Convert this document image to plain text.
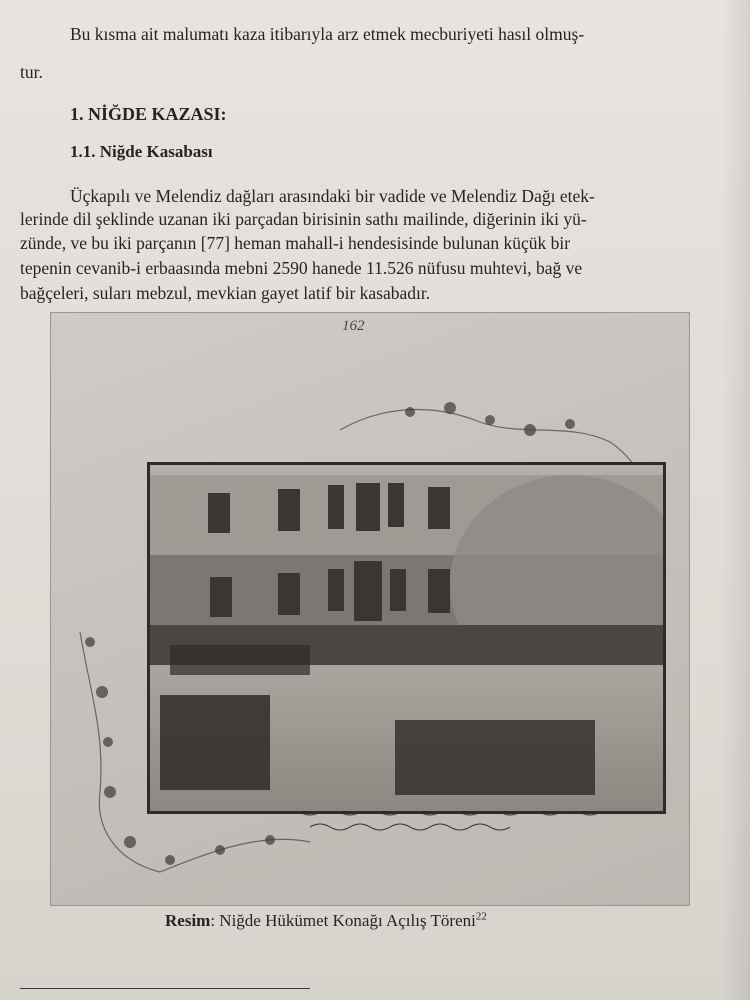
Bu kısma ait malumatı kaza itibarıyla arz etmek mecburiyeti hasıl olmuş-
tur.
1. NİĞDE KAZASI:
1.1. Niğde Kasabası
Üçkapılı ve Melendiz dağları arasındaki bir vadide ve Melendiz Dağı etek-
lerinde dil şeklinde uzanan iki parçadan birisinin sathı mailinde, diğerinin iki yü-
zünde, ve bu iki parçanın [77] heman mahall-i hendesisinde bulunan küçük bir
tepenin cevanib-i erbaasında mebni 2590 hanede 11.526 nüfusu muhtevi, bağ ve
bağçeleri, suları mebzul, mevkian gayet latif bir kasabadır.
162
Resim: Niğde Hükümet Konağı Açılış Töreni$^{22}$
